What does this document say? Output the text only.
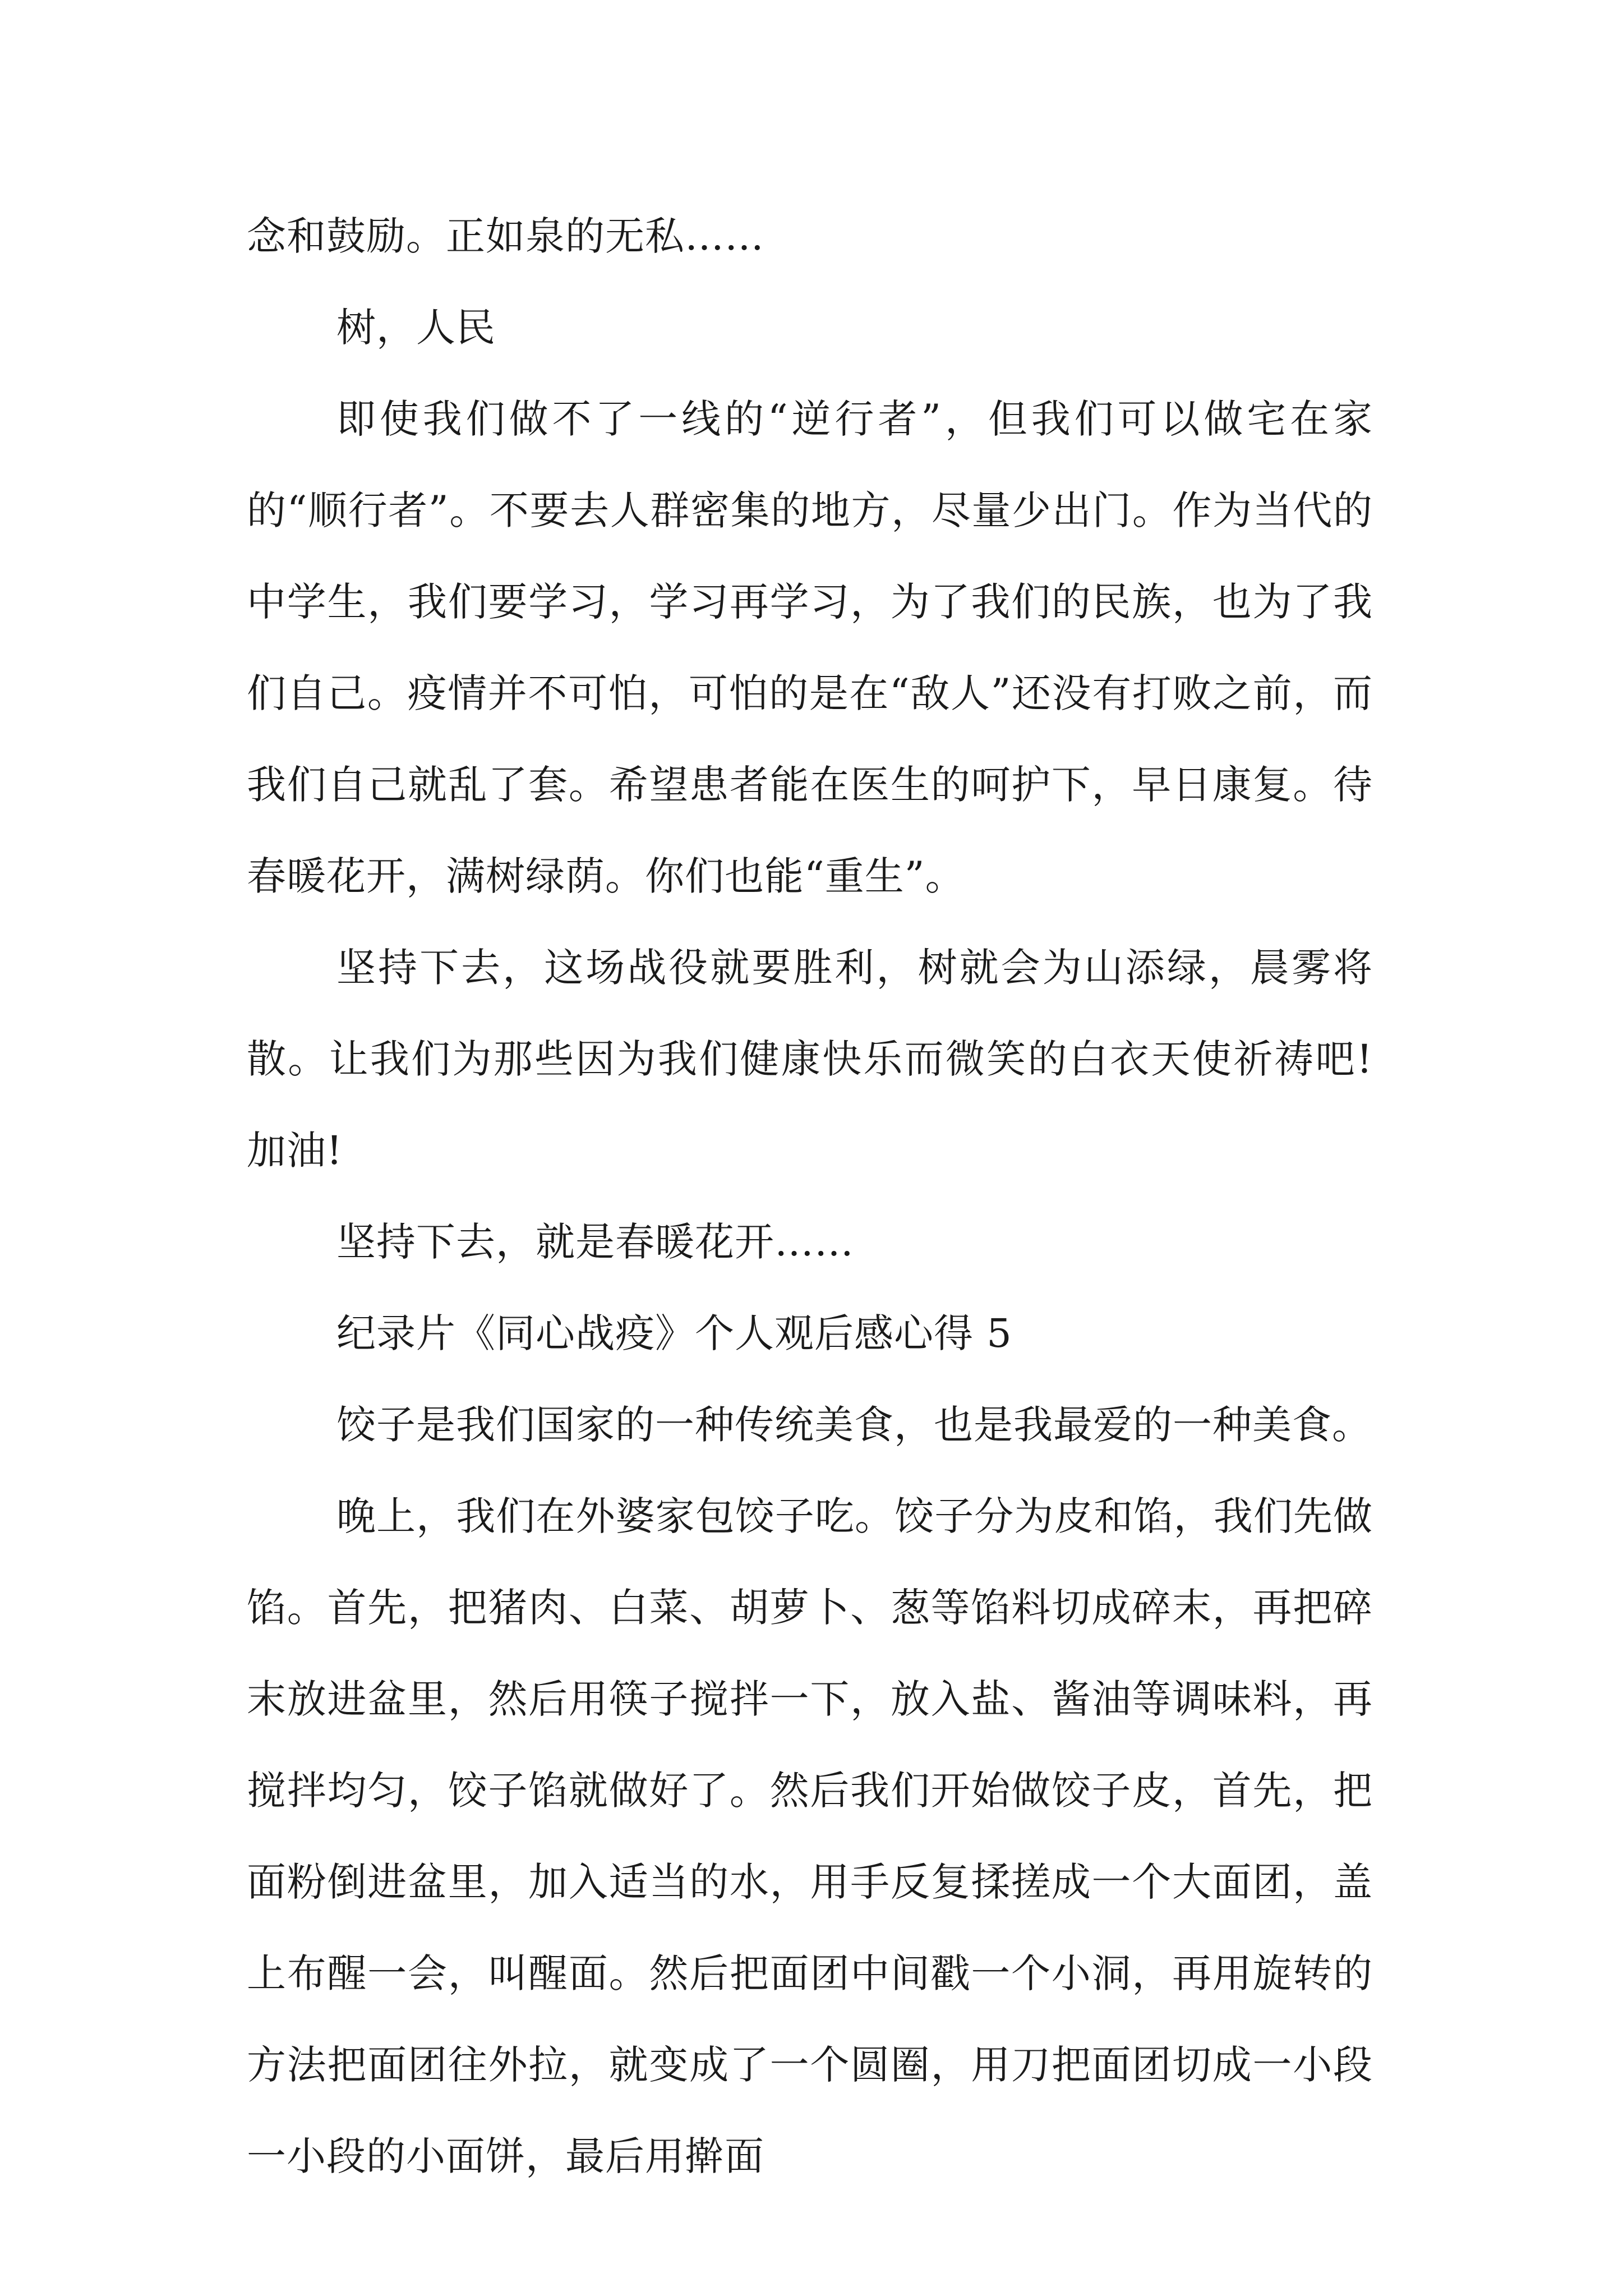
念和鼓励。正如泉的无私……

树，人民

即使我们做不了一线的“逆行者”，但我们可以做宅在家的“顺行者”。不要去人群密集的地方，尽量少出门。作为当代的中学生，我们要学习，学习再学习，为了我们的民族，也为了我们自己。疫情并不可怕，可怕的是在“敌人”还没有打败之前，而我们自己就乱了套。希望患者能在医生的呵护下，早日康复。待春暖花开，满树绿荫。你们也能“重生”。

坚持下去，这场战役就要胜利，树就会为山添绿，晨雾将散。让我们为那些因为我们健康快乐而微笑的白衣天使祈祷吧!加油!

坚持下去，就是春暖花开……

纪录片《同心战疫》个人观后感心得 5

饺子是我们国家的一种传统美食，也是我最爱的一种美食。

晚上，我们在外婆家包饺子吃。饺子分为皮和馅，我们先做馅。首先，把猪肉、白菜、胡萝卜、葱等馅料切成碎末，再把碎末放进盆里，然后用筷子搅拌一下，放入盐、酱油等调味料，再搅拌均匀，饺子馅就做好了。然后我们开始做饺子皮，首先，把面粉倒进盆里，加入适当的水，用手反复揉搓成一个大面团，盖上布醒一会，叫醒面。然后把面团中间戳一个小洞，再用旋转的方法把面团往外拉，就变成了一个圆圈，用刀把面团切成一小段一小段的小面饼，最后用擀面
